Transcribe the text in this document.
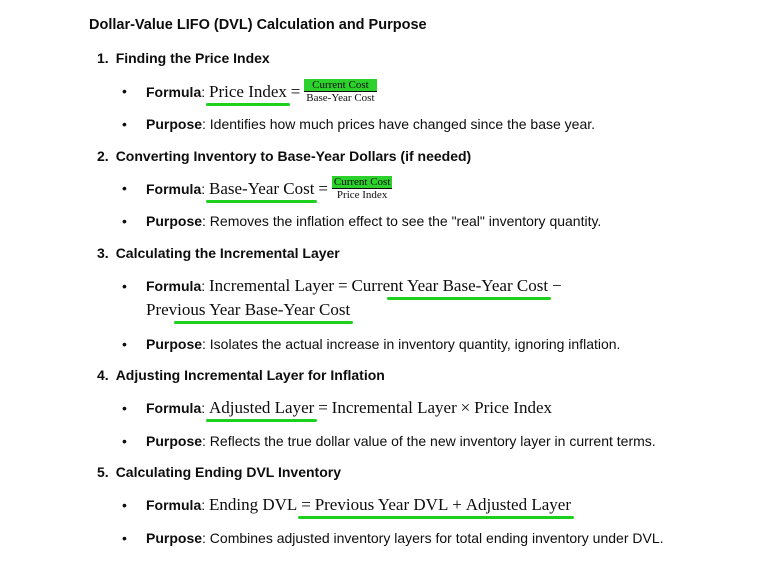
Dollar-Value LIFO (DVL) Calculation and Purpose
1. Finding the Price Index
• Formula: Price Index = $\frac{\text{Current Cost}}{\text{Base-Year Cost}}$
• Purpose: Identifies how much prices have changed since the base year.
2. Converting Inventory to Base-Year Dollars (if needed)
• Formula: Base-Year Cost = $\frac{\text{Current Cost}}{\text{Price Index}}$
• Purpose: Removes the inflation effect to see the "real" inventory quantity.
3. Calculating the Incremental Layer
• Formula: Incremental Layer = Current Year Base-Year Cost −
Previous Year Base-Year Cost
• Purpose: Isolates the actual increase in inventory quantity, ignoring inflation.
4. Adjusting Incremental Layer for Inflation
• Formula: Adjusted Layer = Incremental Layer × Price Index
• Purpose: Reflects the true dollar value of the new inventory layer in current terms.
5. Calculating Ending DVL Inventory
• Formula: Ending DVL = Previous Year DVL + Adjusted Layer
• Purpose: Combines adjusted inventory layers for total ending inventory under DVL.
